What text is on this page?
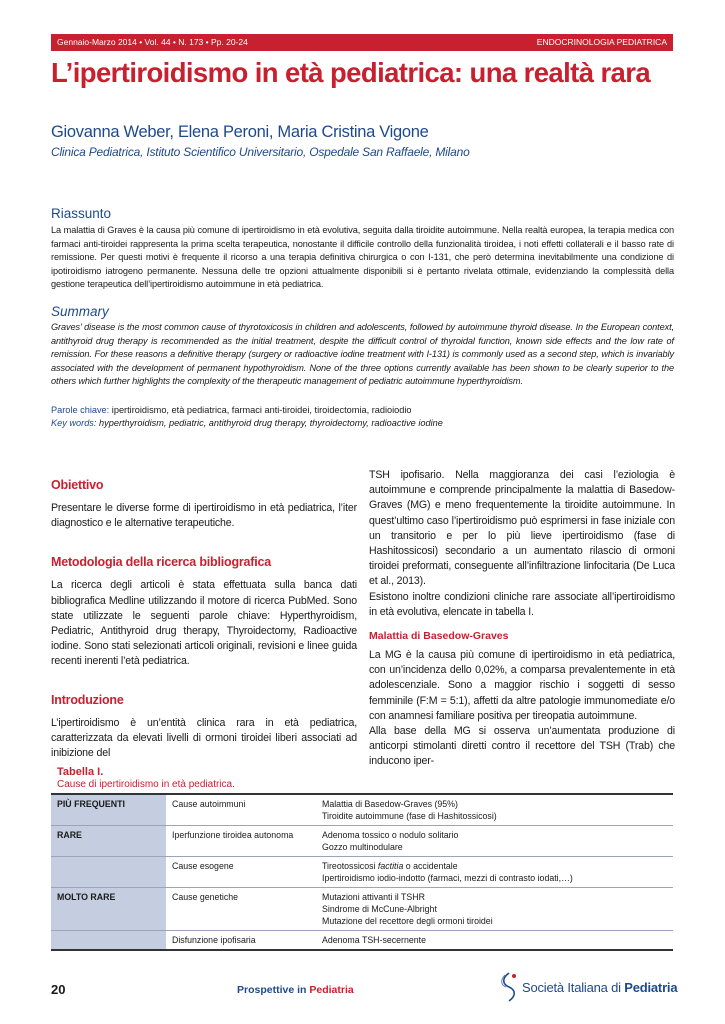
Gennaio-Marzo 2014 • Vol. 44 • N. 173 • Pp. 20-24	ENDOCRINOLOGIA PEDIATRICA
L’ipertiroidismo in età pediatrica: una realtà rara

Giovanna Weber, Elena Peroni, Maria Cristina Vigone

Clinica Pediatrica, Istituto Scientifico Universitario, Ospedale San Raffaele, Milano

Riassunto

La malattia di Graves è la causa più comune di ipertiroidismo in età evolutiva, seguita dalla tiroidite autoimmune. Nella realtà europea, la terapia medica con farmaci anti-tiroidei rappresenta la prima scelta terapeutica, nonostante il difficile controllo della funzionalità tiroidea, i noti effetti collaterali e il basso rate di remissione. Per questi motivi è frequente il ricorso a una terapia definitiva chirurgica o con I-131, che però determina inevitabilmente una condizione di ipotiroidismo iatrogeno permanente. Nessuna delle tre opzioni attualmente disponibili si è pertanto rivelata ottimale, evidenziando la complessità della gestione terapeutica dell’ipertiroidismo autoimmune in età pediatrica.

Summary

Graves’ disease is the most common cause of thyrotoxicosis in children and adolescents, followed by autoimmune thyroid disease. In the European context, antithyroid drug therapy is recommended as the initial treatment, despite the difficult control of thyroidal function, known side effects and the low rate of remission. For these reasons a definitive therapy (surgery or radioactive iodine treatment with I-131) is commonly used as a second step, which is invariably associated with the development of permanent hypothyroidism. None of the three options currently available has been shown to be clearly superior to the others which further highlights the complexity of the therapeutic management of pediatric autoimmune hyperthyroidism.

Parole chiave: ipertiroidismo, età pediatrica, farmaci anti-tiroidei, tiroidectomia, radioiodio

Key words: hyperthyroidism, pediatric, antithyroid drug therapy, thyroidectomy, radioactive iodine

Obiettivo

Presentare le diverse forme di ipertiroidismo in età pediatrica, l’iter diagnostico e le alternative terapeutiche.

Metodologia della ricerca bibliografica

La ricerca degli articoli è stata effettuata sulla banca dati bibliografica Medline utilizzando il motore di ricerca PubMed. Sono state utilizzate le seguenti parole chiave: Hyperthyroidism, Pediatric, Antithyroid drug therapy, Thyroidectomy, Radioactive iodine. Sono stati selezionati articoli originali, revisioni e linee guida recenti inerenti l’età pediatrica.

Introduzione

L’ipertiroidismo è un’entità clinica rara in età pediatrica, caratterizzata da elevati livelli di ormoni tiroidei liberi associati ad inibizione del

TSH ipofisario. Nella maggioranza dei casi l’eziologia è autoimmune e comprende principalmente la malattia di Basedow-Graves (MG) e meno frequentemente la tiroidite autoimmune. In quest’ultimo caso l’ipertiroidismo può esprimersi in fase iniziale con un transitorio e per lo più lieve ipertiroidismo (fase di Hashitossicosi) secondario a un aumentato rilascio di ormoni tiroidei preformati, conseguente all’infiltrazione linfocitaria (De Luca et al., 2013).

Esistono inoltre condizioni cliniche rare associate all’ipertiroidismo in età evolutiva, elencate in tabella I.

Malattia di Basedow-Graves

La MG è la causa più comune di ipertiroidismo in età pediatrica, con un’incidenza dello 0,02%, a comparsa prevalentemente in età adolescenziale. Sono a maggior rischio i soggetti di sesso femminile (F:M = 5:1), affetti da altre patologie immunomediate e/o con anamnesi familiare positiva per tireopatia autoimmune.

Alla base della MG si osserva un’aumentata produzione di anticorpi stimolanti diretti contro il recettore del TSH (Trab) che inducono iper-

Tabella I.

Cause di ipertiroidismo in età pediatrica.

PIÙ FREQUENTI	Cause autoimmuni	Malattia di Basedow-Graves (95%)
Tiroidite autoimmune (fase di Hashitossicosi)

RARE	Iperfunzione tiroidea autonoma	Adenoma tossico o nodulo solitario
Gozzo multinodulare

	Cause esogene	Tireotossicosi factitia o accidentale
Ipertiroidismo iodio-indotto (farmaci, mezzi di contrasto iodati,…)

MOLTO RARE	Cause genetiche	Mutazioni attivanti il TSHR
Sindrome di McCune-Albright
Mutazione del recettore degli ormoni tiroidei

	Disfunzione ipofisaria	Adenoma TSH-secernente
20	Prospettive in Pediatria	Società Italiana di Pediatria
